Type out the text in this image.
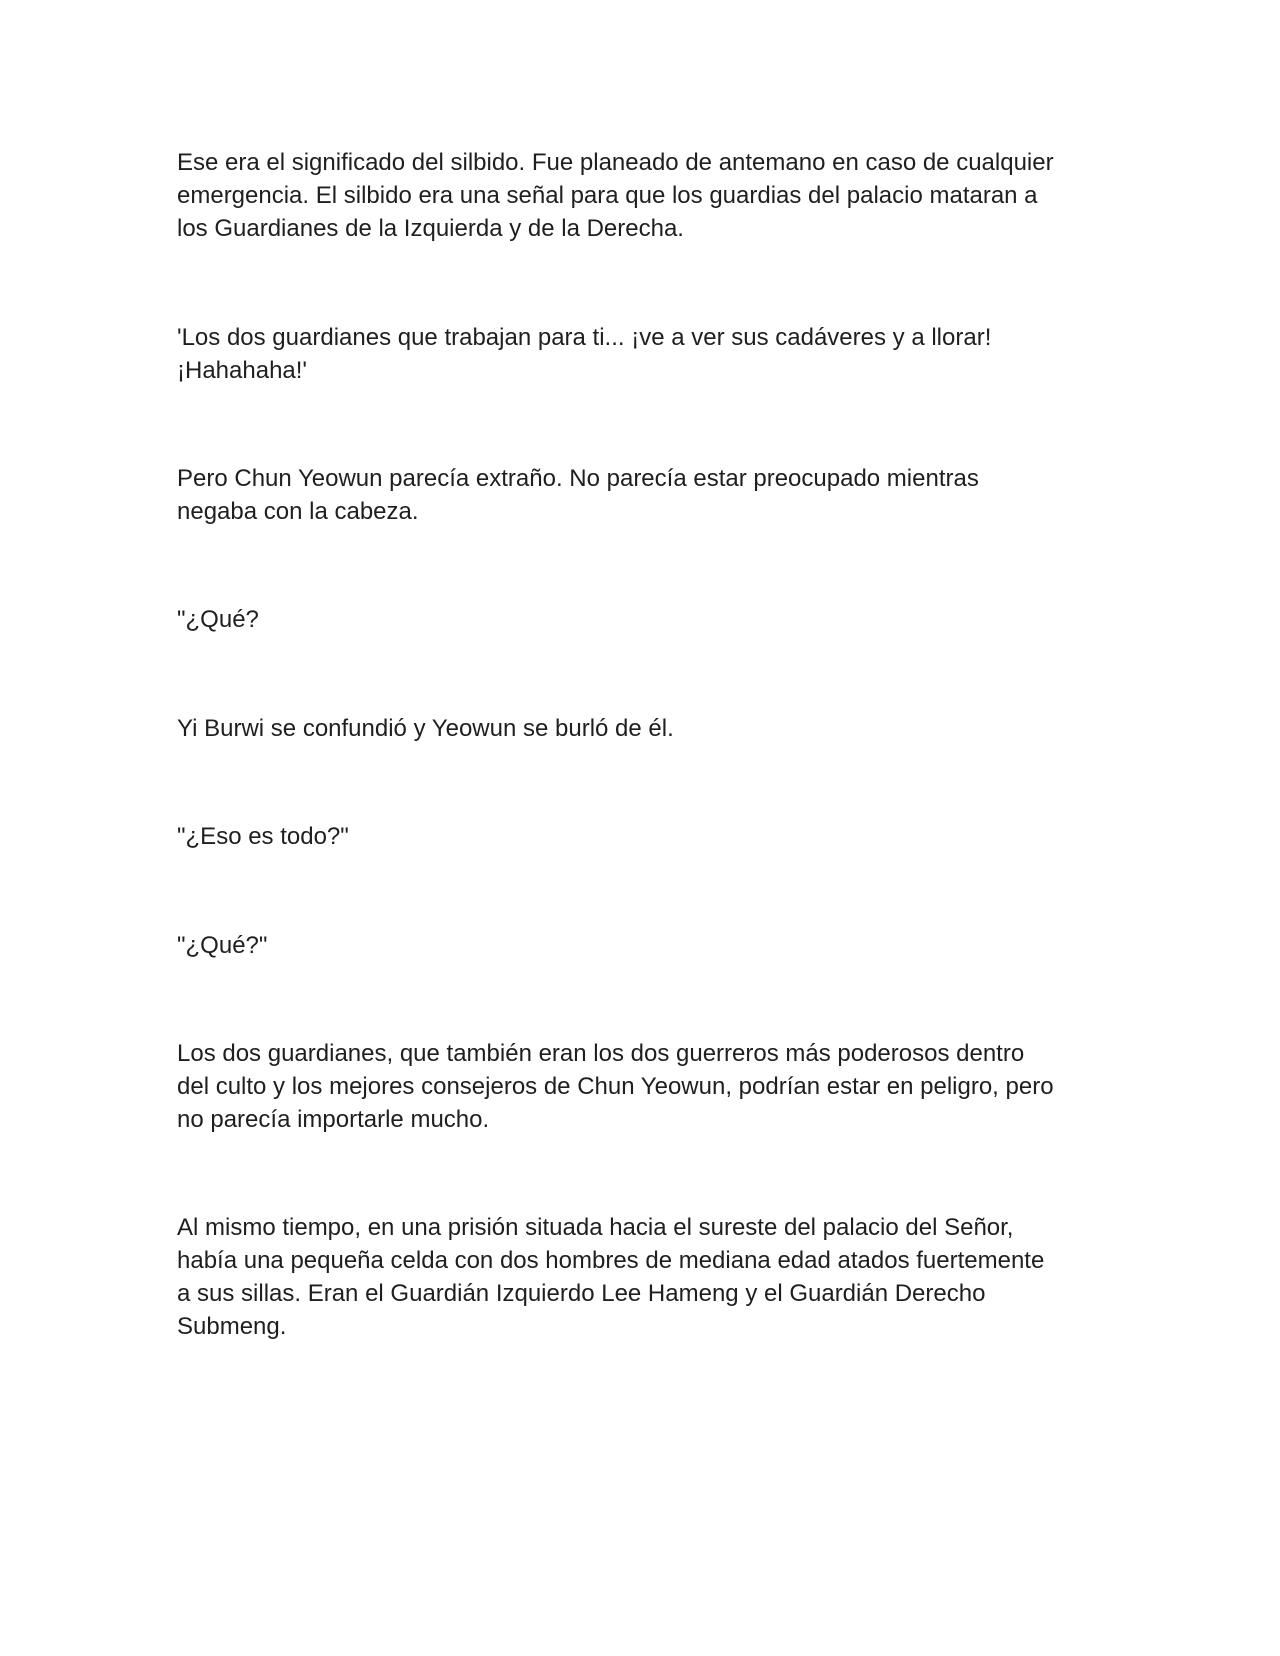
Ese era el significado del silbido. Fue planeado de antemano en caso de cualquier
emergencia. El silbido era una señal para que los guardias del palacio mataran a
los Guardianes de la Izquierda y de la Derecha.

'Los dos guardianes que trabajan para ti... ¡ve a ver sus cadáveres y a llorar!
¡Hahahaha!'

Pero Chun Yeowun parecía extraño. No parecía estar preocupado mientras
negaba con la cabeza.

"¿Qué?

Yi Burwi se confundió y Yeowun se burló de él.

"¿Eso es todo?"

"¿Qué?"

Los dos guardianes, que también eran los dos guerreros más poderosos dentro
del culto y los mejores consejeros de Chun Yeowun, podrían estar en peligro, pero
no parecía importarle mucho.

Al mismo tiempo, en una prisión situada hacia el sureste del palacio del Señor,
había una pequeña celda con dos hombres de mediana edad atados fuertemente
a sus sillas. Eran el Guardián Izquierdo Lee Hameng y el Guardián Derecho
Submeng.
